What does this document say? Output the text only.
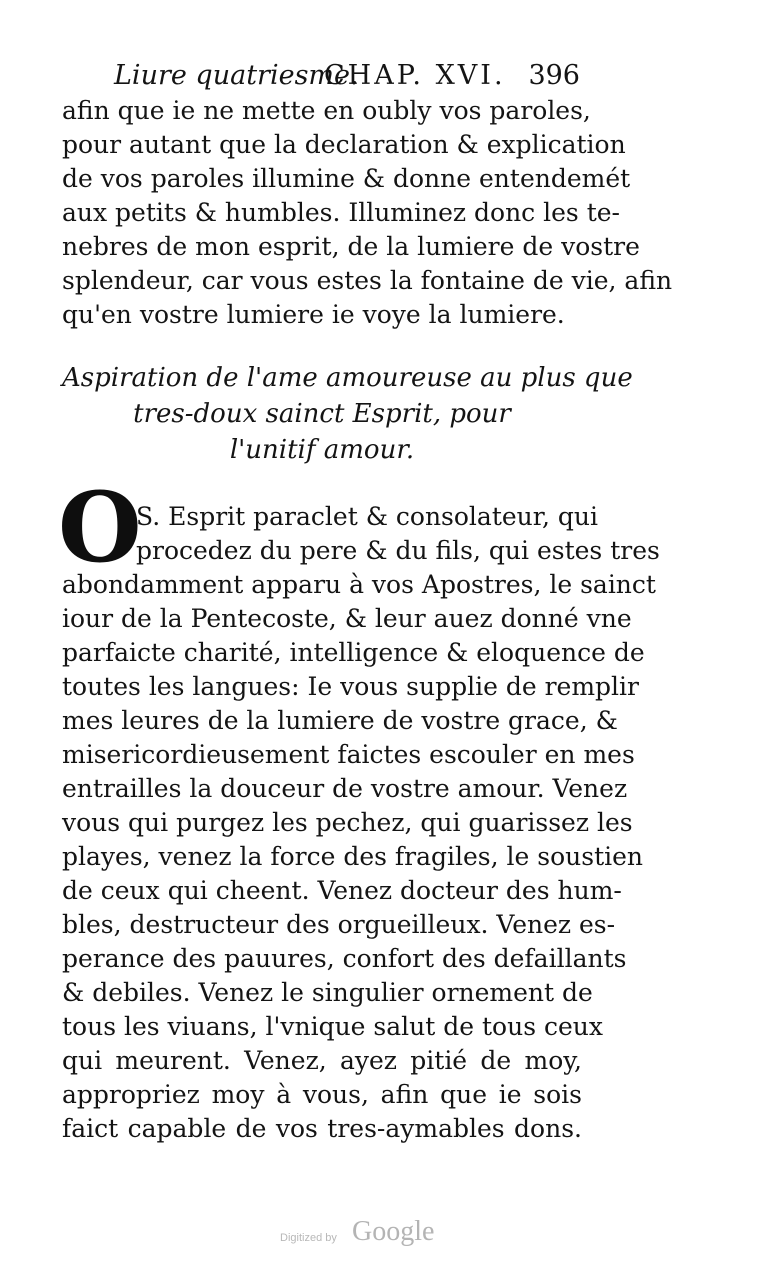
Liure quatriesme.
CHAP. XVI. 396
afin que ie ne mette en oubly vos paroles,
pour autant que la declaration & explication
de vos paroles illumine & donne entendemét
aux petits & humbles. Illuminez donc les te-
nebres de mon esprit, de la lumiere de vostre
splendeur, car vous estes la fontaine de vie, afin
qu'en vostre lumiere ie voye la lumiere.
Aspiration de l'ame amoureuse au plus que
tres-doux sainct Esprit, pour
l'unitif amour.
O
S. Esprit paraclet & consolateur, qui
procedez du pere & du fils, qui estes tres
abondamment apparu à vos Apostres, le sainct
iour de la Pentecoste, & leur auez donné vne
parfaicte charité, intelligence & eloquence de
toutes les langues: Ie vous supplie de remplir
mes leures de la lumiere de vostre grace, &
misericordieusement faictes escouler en mes
entrailles la douceur de vostre amour. Venez
vous qui purgez les pechez, qui guarissez les
playes, venez la force des fragiles, le soustien
de ceux qui cheent. Venez docteur des hum-
bles, destructeur des orgueilleux. Venez es-
perance des pauures, confort des defaillants
& debiles. Venez le singulier ornement de
tous les viuans, l'vnique salut de tous ceux
qui meurent. Venez, ayez pitié de moy,
appropriez moy à vous, afin que ie sois
faict capable de vos tres-aymables dons.
Digitized by Google
